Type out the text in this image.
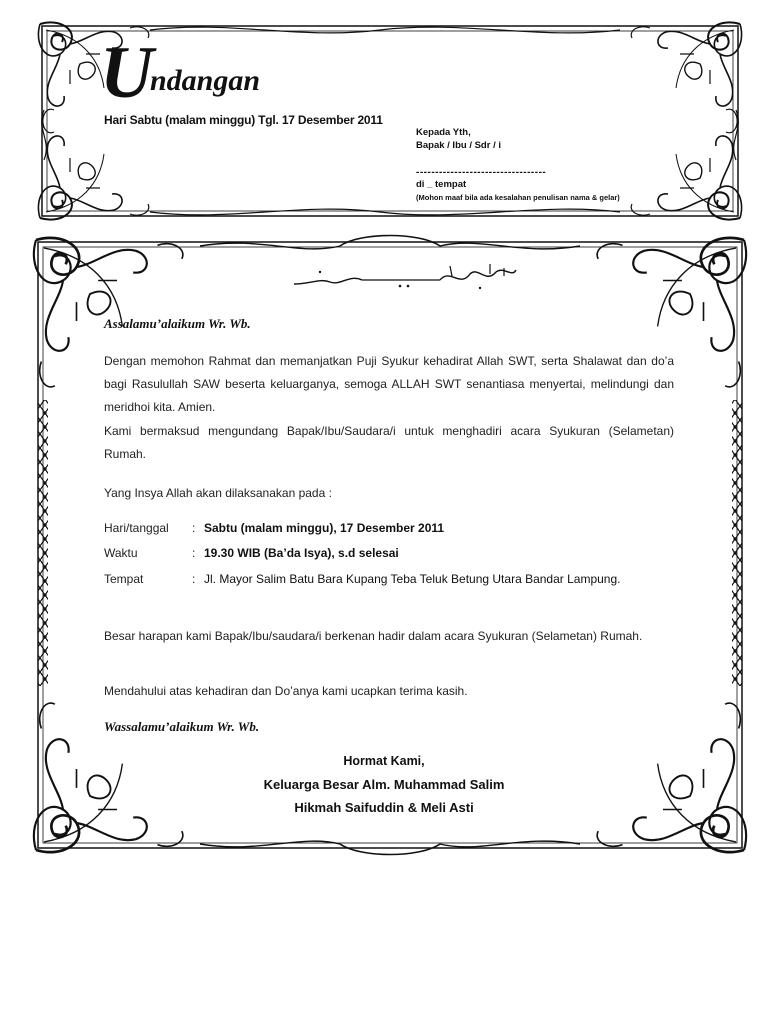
U
ndangan
Hari Sabtu (malam minggu) Tgl. 17 Desember 2011
Kepada Yth,
Bapak / Ibu / Sdr / i
----------------------------------
di _ tempat
(Mohon maaf bila ada kesalahan penulisan nama & gelar)
Assalamu’alaikum Wr. Wb.
Dengan memohon Rahmat dan memanjatkan Puji Syukur kehadirat Allah SWT, serta Shalawat dan do’a bagi Rasulullah SAW beserta keluarganya, semoga ALLAH SWT senantiasa menyertai, melindungi dan meridhoi kita. Amien.
Kami bermaksud mengundang Bapak/Ibu/Saudara/i untuk menghadiri acara Syukuran (Selametan) Rumah.
Yang Insya Allah akan dilaksanakan pada :
Hari/tanggal : Sabtu (malam minggu), 17 Desember 2011
Waktu	: 19.30 WIB (Ba’da Isya), s.d selesai
Tempat	: Jl. Mayor Salim Batu Bara Kupang Teba Teluk Betung Utara Bandar Lampung.
Besar harapan kami Bapak/Ibu/saudara/i berkenan hadir dalam acara Syukuran (Selametan) Rumah.
Mendahului atas kehadiran dan Do’anya kami ucapkan terima kasih.
Wassalamu’alaikum Wr. Wb.
Hormat Kami,
Keluarga Besar Alm. Muhammad Salim
Hikmah Saifuddin & Meli Asti
